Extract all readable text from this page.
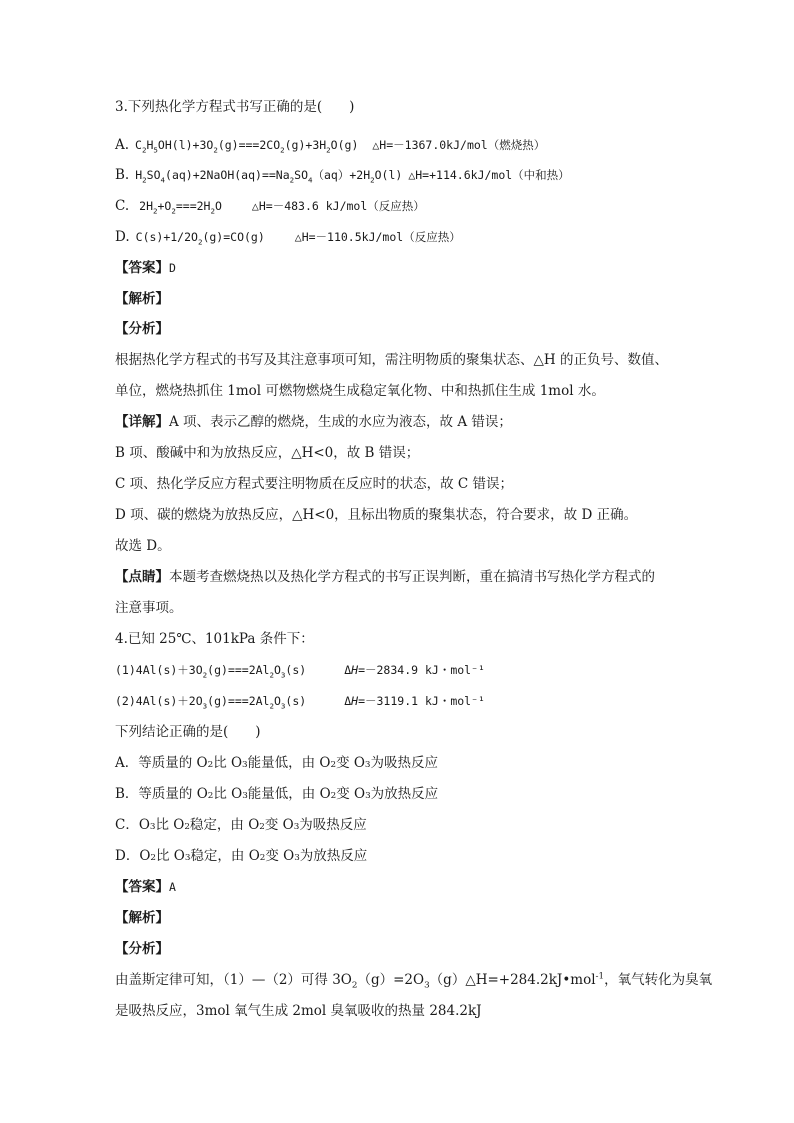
3.下列热化学方程式书写正确的是(　　)

A. $C_2H_5OH(l)+3O_2(g)===2CO_2(g)+3H_2O(g)$ △H=－1367.0kJ/mol（燃烧热）

B. $H_2SO_4(aq)+2NaOH(aq)==Na_2SO_4(aq)+2H_2O(l)$ △H=+114.6kJ/mol（中和热）

C. $2H_2+O_2===2H_2O$	△H=－483.6 kJ/mol（反应热）

D. $C(s)+1/2O_2(g)=CO(g)$	△H=－110.5kJ/mol（反应热）

【答案】 D

【解析】

【分析】

根据热化学方程式的书写及其注意事项可知，需注明物质的聚集状态、△H 的正负号、数值、

单位，燃烧热抓住 1mol 可燃物燃烧生成稳定氧化物、中和热抓住生成 1mol 水。

【详解】 A 项、表示乙醇的燃烧，生成的水应为液态，故 A 错误；

B 项、酸碱中和为放热反应，△H<0，故 B 错误；

C 项、热化学反应方程式要注明物质在反应时的状态，故 C 错误；

D 项、碳的燃烧为放热反应，△H<0，且标出物质的聚集状态，符合要求，故 D 正确。

故选 D。

【点睛】 本题考查燃烧热以及热化学方程式的书写正误判断，重在搞清书写热化学方程式的

注意事项。

4.已知 25℃、101kPa 条件下：

$(1)4Al(s)+3O_2(g)===2Al_2O_3(s)$	ΔH =－2834.9 kJ・mol⁻¹

$(2)4Al(s)+2O_3(g)===2Al_2O_3(s)$	ΔH =－3119.1 kJ・mol⁻¹

下列结论正确的是(　　)

A．等质量的 O 2 比 O 3 能量低，由 O 2 变 O 3 为吸热反应

B．等质量的 O 2 比 O 3 能量低，由 O 2 变 O 3 为放热反应

C．O 3 比 O 2 稳定，由 O 2 变 O 3 为吸热反应

D．O 2 比 O 3 稳定，由 O 2 变 O 3 为放热反应

【答案】 A

【解析】

【分析】

由盖斯定律可知，（1）—（2）可得 $3O_2(g)=2O_3(g)\triangle H=+284.2kJ•mol^{-1}$ ，氧气转化为臭氧

是吸热反应，3mol 氧气生成 2mol 臭氧吸收的热量 284.2kJ
